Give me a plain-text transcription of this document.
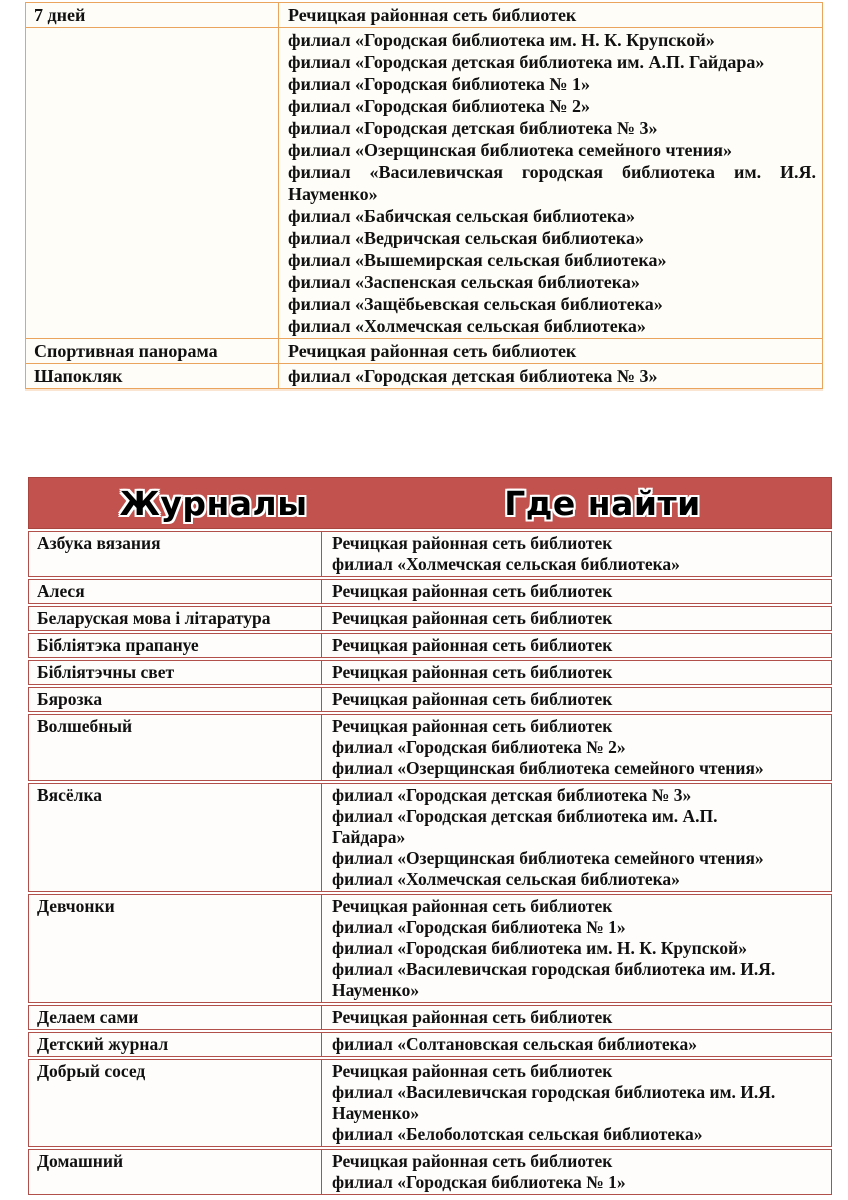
7 дней	Речицкая районная сеть библиотек

филиал «Городская библиотека им. Н. К. Крупской»
филиал «Городская детская библиотека им. А.П. Гайдара»
филиал «Городская библиотека № 1»
филиал «Городская библиотека № 2»
филиал «Городская детская библиотека № 3»
филиал «Озерщинская библиотека семейного чтения»
филиал «Василевичская городская библиотека им. И.Я.
Науменко»
филиал «Бабичская сельская библиотека»
филиал «Ведричская сельская библиотека»
филиал «Вышемирская сельская библиотека»
филиал «Заспенская сельская библиотека»
филиал «Защёбьевская сельская библиотека»
филиал «Холмечская сельская библиотека»

Спортивная панорама	Речицкая районная сеть библиотек

Шапокляк	филиал «Городская детская библиотека № 3»
Журналы	Где найти
Азбука вязания	Речицкая районная сеть библиотек
филиал «Холмечская сельская библиотека»
Алеся	Речицкая районная сеть библиотек
Беларуская мова і літаратура	Речицкая районная сеть библиотек
Бібліятэка прапануе	Речицкая районная сеть библиотек
Бібліятэчны свет	Речицкая районная сеть библиотек
Бярозка	Речицкая районная сеть библиотек
Волшебный	Речицкая районная сеть библиотек
филиал «Городская библиотека № 2»
филиал «Озерщинская библиотека семейного чтения»
Вясёлка	филиал «Городская детская библиотека № 3»
филиал «Городская детская библиотека им. А.П.
Гайдара»
филиал «Озерщинская библиотека семейного чтения»
филиал «Холмечская сельская библиотека»
Девчонки	Речицкая районная сеть библиотек
филиал «Городская библиотека № 1»
филиал «Городская библиотека им. Н. К. Крупской»
филиал «Василевичская городская библиотека им. И.Я.
Науменко»
Делаем сами	Речицкая районная сеть библиотек
Детский журнал	филиал «Солтановская сельская библиотека»
Добрый сосед	Речицкая районная сеть библиотек
филиал «Василевичская городская библиотека им. И.Я.
Науменко»
филиал «Белоболотская сельская библиотека»
Домашний	Речицкая районная сеть библиотек
филиал «Городская библиотека № 1»
